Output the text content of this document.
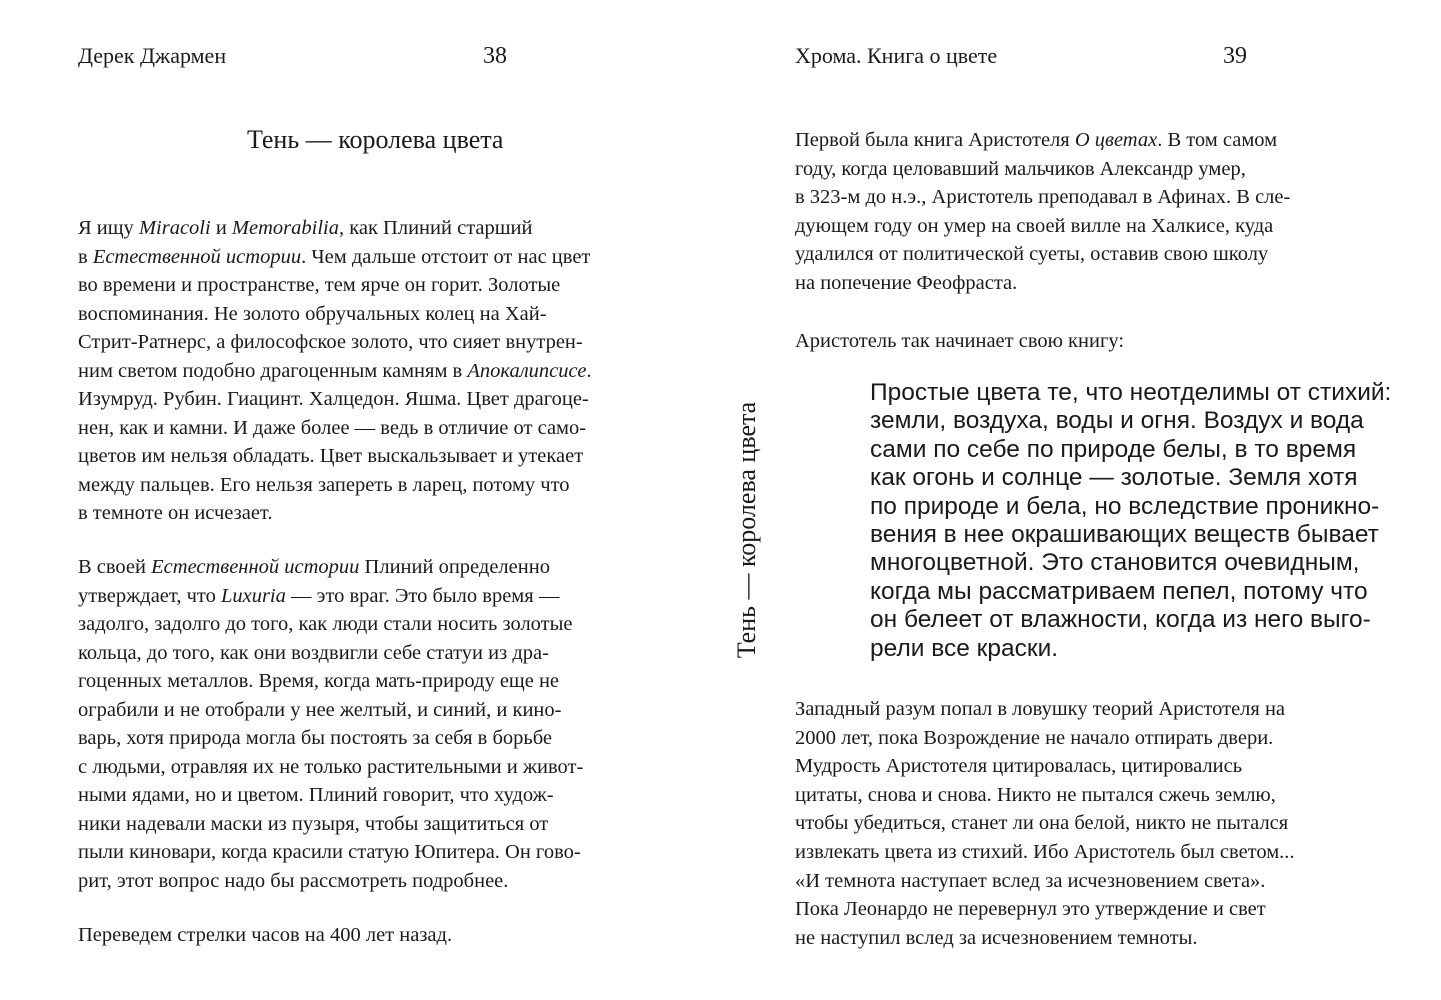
Дерек Джармен	38
Тень — королева цвета
Я ищу Miracoli и Memorabilia, как Плиний старший
в Естественной истории. Чем дальше отстоит от нас цвет
во времени и пространстве, тем ярче он горит. Золотые
воспоминания. Не золото обручальных колец на Хай-
Стрит-Ратнерс, а философское золото, что сияет внутрен-
ним светом подобно драгоценным камням в Апокалипсисе.
Изумруд. Рубин. Гиацинт. Халцедон. Яшма. Цвет драгоце-
нен, как и камни. И даже более — ведь в отличие от само-
цветов им нельзя обладать. Цвет выскальзывает и утекает
между пальцев. Его нельзя запереть в ларец, потому что
в темноте он исчезает.
В своей Естественной истории Плиний определенно
утверждает, что Luxuria — это враг. Это было время —
задолго, задолго до того, как люди стали носить золотые
кольца, до того, как они воздвигли себе статуи из дра-
гоценных металлов. Время, когда мать-природу еще не
ограбили и не отобрали у нее желтый, и синий, и кино-
варь, хотя природа могла бы постоять за себя в борьбе
с людьми, отравляя их не только растительными и живот-
ными ядами, но и цветом. Плиний говорит, что худож-
ники надевали маски из пузыря, чтобы защититься от
пыли киновари, когда красили статую Юпитера. Он гово-
рит, этот вопрос надо бы рассмотреть подробнее.
Переведем стрелки часов на 400 лет назад.
Тень — королева цвета
Хрома. Книга о цвете	39
Первой была книга Аристотеля О цветах. В том самом
году, когда целовавший мальчиков Александр умер,
в 323-м до н.э., Аристотель преподавал в Афинах. В сле-
дующем году он умер на своей вилле на Халкисе, куда
удалился от политической суеты, оставив свою школу
на попечение Феофраста.
Аристотель так начинает свою книгу:
Простые цвета те, что неотделимы от стихий:
земли, воздуха, воды и огня. Воздух и вода
сами по себе по природе белы, в то время
как огонь и солнце — золотые. Земля хотя
по природе и бела, но вследствие проникно-
вения в нее окрашивающих веществ бывает
многоцветной. Это становится очевидным,
когда мы рассматриваем пепел, потому что
он белеет от влажности, когда из него выго-
рели все краски.
Западный разум попал в ловушку теорий Аристотеля на
2000 лет, пока Возрождение не начало отпирать двери.
Мудрость Аристотеля цитировалась, цитировались
цитаты, снова и снова. Никто не пытался сжечь землю,
чтобы убедиться, станет ли она белой, никто не пытался
извлекать цвета из стихий. Ибо Аристотель был светом...
«И темнота наступает вслед за исчезновением света».
Пока Леонардо не перевернул это утверждение и свет
не наступил вслед за исчезновением темноты.
